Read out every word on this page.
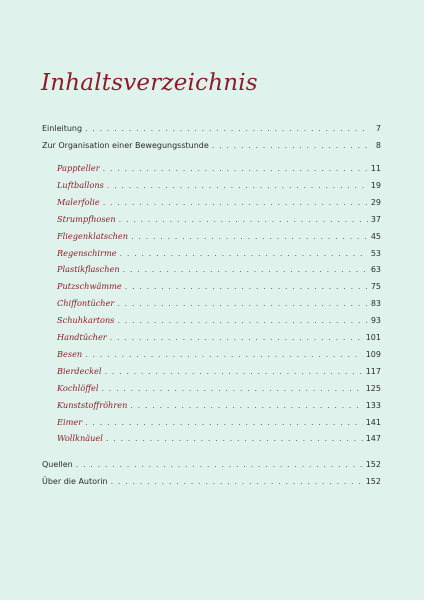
Inhaltsverzeichnis
Einleitung . . .	7
Zur Organisation einer Bewegungsstunde . . .	8
Pappteller . . .	11
Luftballons . . .	19
Malerfolie . . .	29
Strumpfhosen . . .	37
Fliegenklatschen . . .	45
Regenschirme . . .	53
Plastikflaschen . . .	63
Putzschwämme . . .	75
Chiffontücher . . .	83
Schuhkartons . . .	93
Handtücher . . .	101
Besen . . .	109
Bierdeckel . . .	117
Kochlöffel . . .	125
Kunststoffröhren . . .	133
Eimer . . .	141
Wollknäuel . . .	147
Quellen . . .	152
Über die Autorin . . .	152
